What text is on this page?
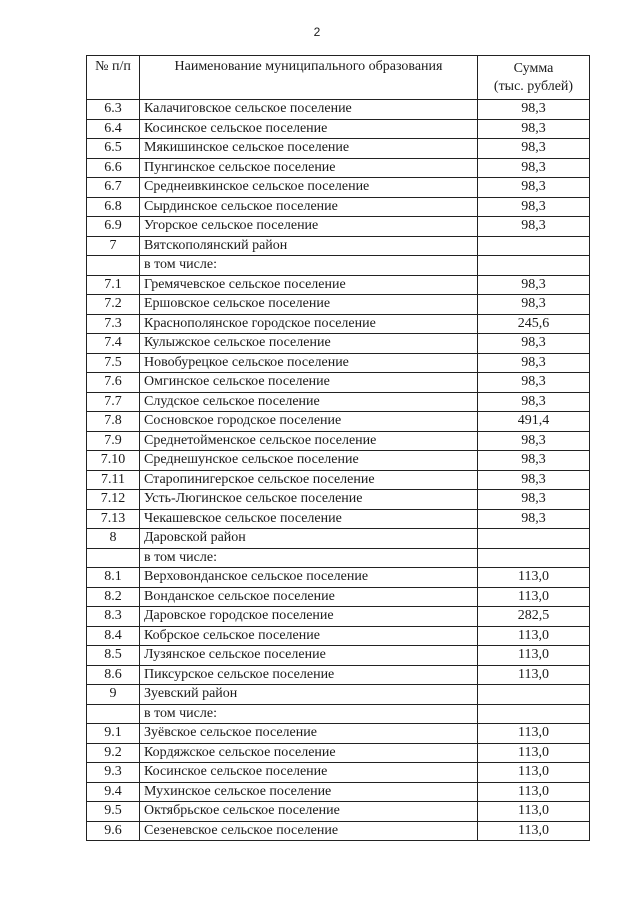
2
№ п/п	Наименование муниципального образования	Сумма
(тыс. рублей)

6.3	Калачиговское сельское поселение	98,3
6.4	Косинское сельское поселение	98,3
6.5	Мякишинское сельское поселение	98,3
6.6	Пунгинское сельское поселение	98,3
6.7	Среднеивкинское сельское поселение	98,3
6.8	Сырдинское сельское поселение	98,3
6.9	Угорское сельское поселение	98,3
7	Вятскополянский район	
	в том числе:	
7.1	Гремячевское сельское поселение	98,3
7.2	Ершовское сельское поселение	98,3
7.3	Краснополянское городское поселение	245,6
7.4	Кулыжское сельское поселение	98,3
7.5	Новобурецкое сельское поселение	98,3
7.6	Омгинское сельское поселение	98,3
7.7	Слудское сельское поселение	98,3
7.8	Сосновское городское поселение	491,4
7.9	Среднетойменское сельское поселение	98,3
7.10	Среднешунское сельское поселение	98,3
7.11	Старопинигерское сельское поселение	98,3
7.12	Усть-Люгинское сельское поселение	98,3
7.13	Чекашевское сельское поселение	98,3
8	Даровской район	
	в том числе:	
8.1	Верховонданское сельское поселение	113,0
8.2	Вонданское сельское поселение	113,0
8.3	Даровское городское поселение	282,5
8.4	Кобрское сельское поселение	113,0
8.5	Лузянское сельское поселение	113,0
8.6	Пиксурское сельское поселение	113,0
9	Зуевский район	
	в том числе:	
9.1	Зуёвское сельское поселение	113,0
9.2	Кордяжское сельское поселение	113,0
9.3	Косинское сельское поселение	113,0
9.4	Мухинское сельское поселение	113,0
9.5	Октябрьское сельское поселение	113,0
9.6	Сезеневское сельское поселение	113,0
